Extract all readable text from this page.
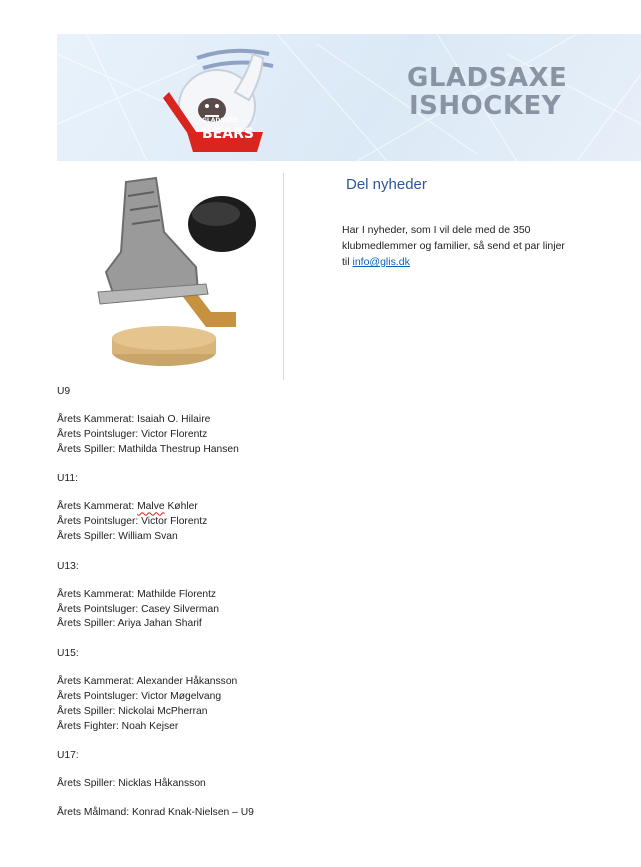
GLADSAXE
BEARS
GLADSAXE
ISHOCKEY
Del nyheder
Har I nyheder, som I vil dele med de 350
klubmedlemmer og familier, så send et par linjer
til info@glis.dk
U9
Årets Kammerat: Isaiah O. Hilaire
Årets Pointsluger: Victor Florentz
Årets Spiller: Mathilda Thestrup Hansen
U11:
Årets Kammerat: Malve Køhler
Årets Pointsluger: Victor Florentz
Årets Spiller: William Svan
U13:
Årets Kammerat: Mathilde Florentz
Årets Pointsluger: Casey Silverman
Årets Spiller: Ariya Jahan Sharif
U15:
Årets Kammerat: Alexander Håkansson
Årets Pointsluger: Victor Møgelvang
Årets Spiller: Nickolai McPherran
Årets Fighter: Noah Kejser
U17:
Årets Spiller: Nicklas Håkansson
Årets Målmand: Konrad Knak-Nielsen – U9
